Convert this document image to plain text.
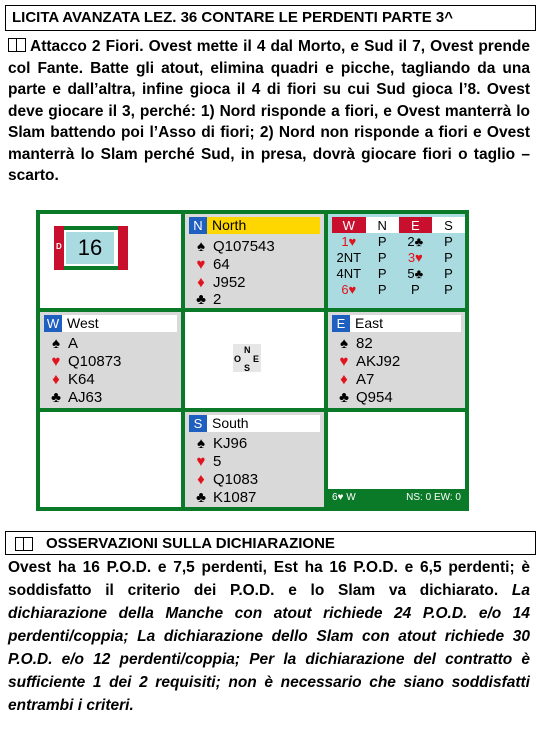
LICITA AVANZATA LEZ. 36 CONTARE LE PERDENTI PARTE 3^
Attacco 2 Fiori. Ovest mette il 4 dal Morto, e Sud il 7, Ovest prende col Fante. Batte gli atout, elimina quadri e picche, tagliando da una parte e dall’altra, infine gioca il 4 di fiori su cui Sud gioca l’8. Ovest deve giocare il 3, perché: 1) Nord risponde a fiori, e Ovest manterrà lo Slam battendo poi l’Asso di fiori; 2) Nord non risponde a fiori e Ovest manterrà lo Slam perché Sud, in presa, dovrà giocare fiori o taglio – scarto.
D 16
N North
♠ Q107543
♥ 64
♦ J952
♣ 2
W	N	E	S
1♥	P	2♣	P
2NT	P	3♥	P
4NT	P	5♣	P
6♥	P	P	P
W West
♠ A
♥ Q10873
♦ K64
♣ AJ63
N
O E
S
E East
♠ 82
♥ AKJ92
♦ A7
♣ Q954
S South
♠ KJ96
♥ 5
♦ Q1083
♣ K1087	6♥ W	NS: 0 EW: 0
OSSERVAZIONI SULLA DICHIARAZIONE
Ovest ha 16 P.O.D. e 7,5 perdenti, Est ha 16 P.O.D. e 6,5 perdenti; è soddisfatto il criterio dei P.O.D. e lo Slam va dichiarato. La dichiarazione della Manche con atout richiede 24 P.O.D. e/o 14 perdenti/coppia; La dichiarazione dello Slam con atout richiede 30 P.O.D. e/o 12 perdenti/coppia; Per la dichiarazione del contratto è sufficiente 1 dei 2 requisiti; non è necessario che siano soddisfatti entrambi i criteri.
